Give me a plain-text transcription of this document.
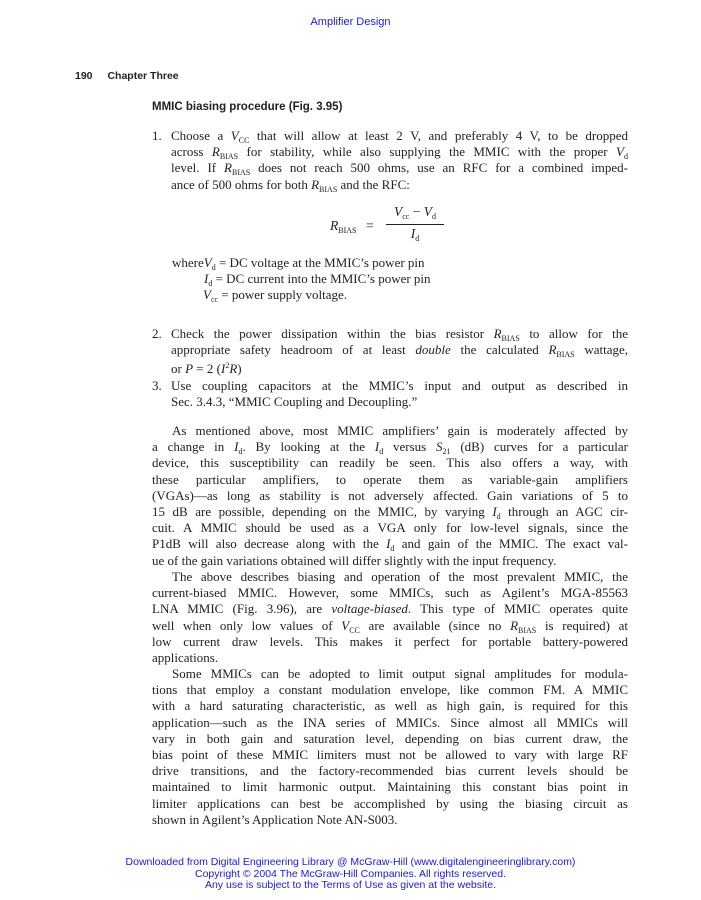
Amplifier Design
190 Chapter Three
MMIC biasing procedure (Fig. 3.95)
1. Choose a $V_{CC}$ that will allow at least 2 V, and preferably 4 V, to be dropped
across $R_{BIAS}$ for stability, while also supplying the MMIC with the proper $V_d$
level. If $R_{BIAS}$ does not reach 500 ohms, use an RFC for a combined imped-
ance of 500 ohms for both $R_{BIAS}$ and the RFC:
$R_{BIAS}$ =
$V_{cc} - V_d$
$I_d$
whereV$_d$ = DC voltage at the MMIC’s power pin
$I_d$ = DC current into the MMIC’s power pin
$V_{cc}$ = power supply voltage.
2. Check the power dissipation within the bias resistor $R_{BIAS}$ to allow for the
appropriate safety headroom of at least double the calculated $R_{BIAS}$ wattage,
or P = 2 $(I^2R)$
3. Use coupling capacitors at the MMIC’s input and output as described in
Sec. 3.4.3, “MMIC Coupling and Decoupling.”
As mentioned above, most MMIC amplifiers’ gain is moderately affected by
a change in $I_d$. By looking at the $I_d$ versus $S_{21}$ (dB) curves for a particular
device, this susceptibility can readily be seen. This also offers a way, with
these particular amplifiers, to operate them as variable-gain amplifiers
(VGAs)—as long as stability is not adversely affected. Gain variations of 5 to
15 dB are possible, depending on the MMIC, by varying $I_d$ through an AGC cir-
cuit. A MMIC should be used as a VGA only for low-level signals, since the
P1dB will also decrease along with the $I_d$ and gain of the MMIC. The exact val-
ue of the gain variations obtained will differ slightly with the input frequency.
The above describes biasing and operation of the most prevalent MMIC, the
current-biased MMIC. However, some MMICs, such as Agilent’s MGA-85563
LNA MMIC (Fig. 3.96), are voltage-biased. This type of MMIC operates quite
well when only low values of $V_{CC}$ are available (since no $R_{BIAS}$ is required) at
low current draw levels. This makes it perfect for portable battery-powered
applications.
Some MMICs can be adopted to limit output signal amplitudes for modula-
tions that employ a constant modulation envelope, like common FM. A MMIC
with a hard saturating characteristic, as well as high gain, is required for this
application—such as the INA series of MMICs. Since almost all MMICs will
vary in both gain and saturation level, depending on bias current draw, the
bias point of these MMIC limiters must not be allowed to vary with large RF
drive transitions, and the factory-recommended bias current levels should be
maintained to limit harmonic output. Maintaining this constant bias point in
limiter applications can best be accomplished by using the biasing circuit as
shown in Agilent’s Application Note AN-S003.
Downloaded from Digital Engineering Library @ McGraw-Hill (www.digitalengineeringlibrary.com)
Copyright © 2004 The McGraw-Hill Companies. All rights reserved.
Any use is subject to the Terms of Use as given at the website.
